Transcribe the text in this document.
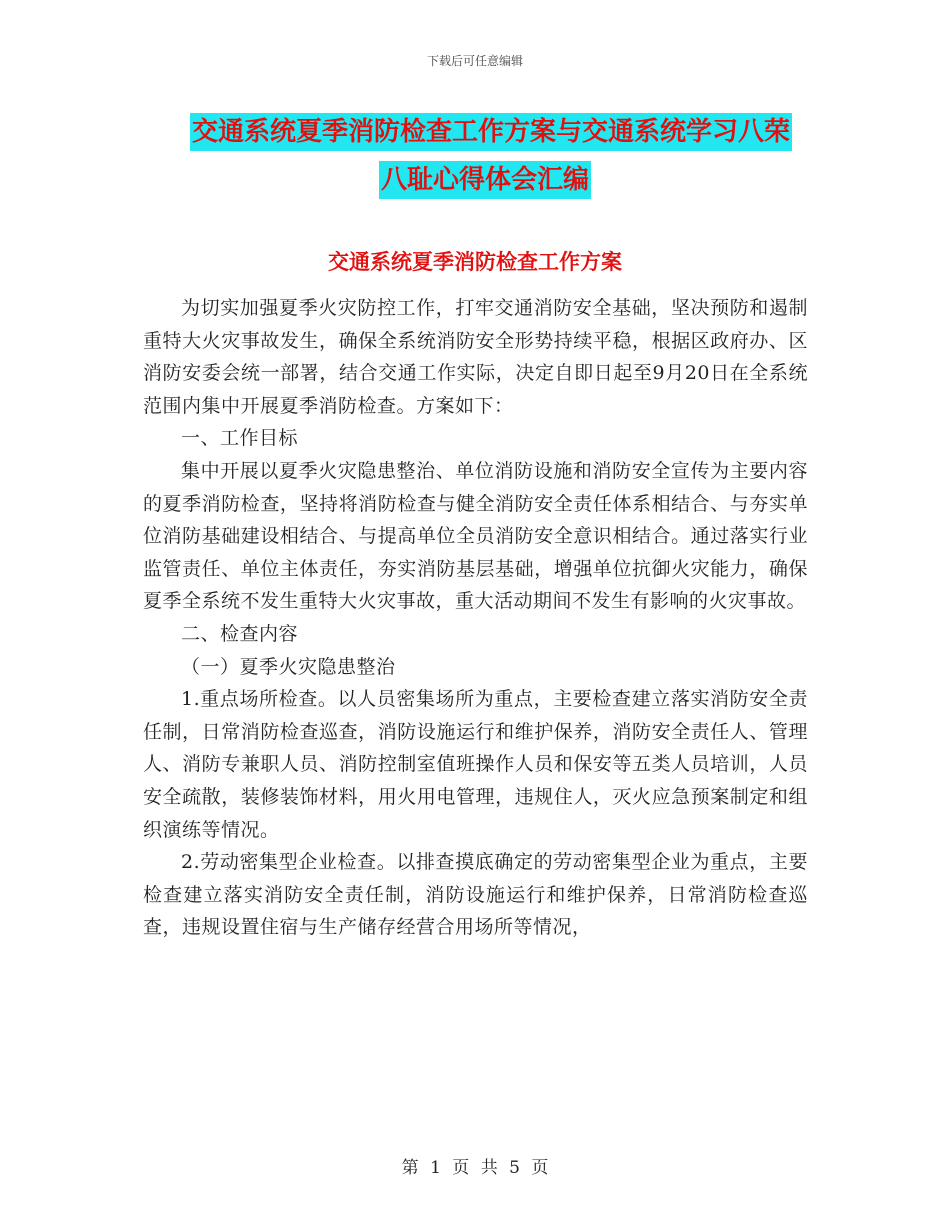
下载后可任意编辑
交通系统夏季消防检查工作方案与交通系统学习八荣
八耻心得体会汇编
交通系统夏季消防检查工作方案

为切实加强夏季火灾防控工作，打牢交通消防安全基础，坚决预防和遏制重特大火灾事故发生，确保全系统消防安全形势持续平稳，根据区政府办、区消防安委会统一部署，结合交通工作实际，决定自即日起至9月20日在全系统范围内集中开展夏季消防检查。方案如下：

一、工作目标

集中开展以夏季火灾隐患整治、单位消防设施和消防安全宣传为主要内容的夏季消防检查，坚持将消防检查与健全消防安全责任体系相结合、与夯实单位消防基础建设相结合、与提高单位全员消防安全意识相结合。通过落实行业监管责任、单位主体责任，夯实消防基层基础，增强单位抗御火灾能力，确保夏季全系统不发生重特大火灾事故，重大活动期间不发生有影响的火灾事故。

二、检查内容

（一）夏季火灾隐患整治

1.重点场所检查。以人员密集场所为重点，主要检查建立落实消防安全责任制，日常消防检查巡查，消防设施运行和维护保养，消防安全责任人、管理人、消防专兼职人员、消防控制室值班操作人员和保安等五类人员培训，人员安全疏散，装修装饰材料，用火用电管理，违规住人，灭火应急预案制定和组织演练等情况。

2.劳动密集型企业检查。以排查摸底确定的劳动密集型企业为重点，主要检查建立落实消防安全责任制，消防设施运行和维护保养，日常消防检查巡查，违规设置住宿与生产储存经营合用场所等情况，

第 1 页 共 5 页
